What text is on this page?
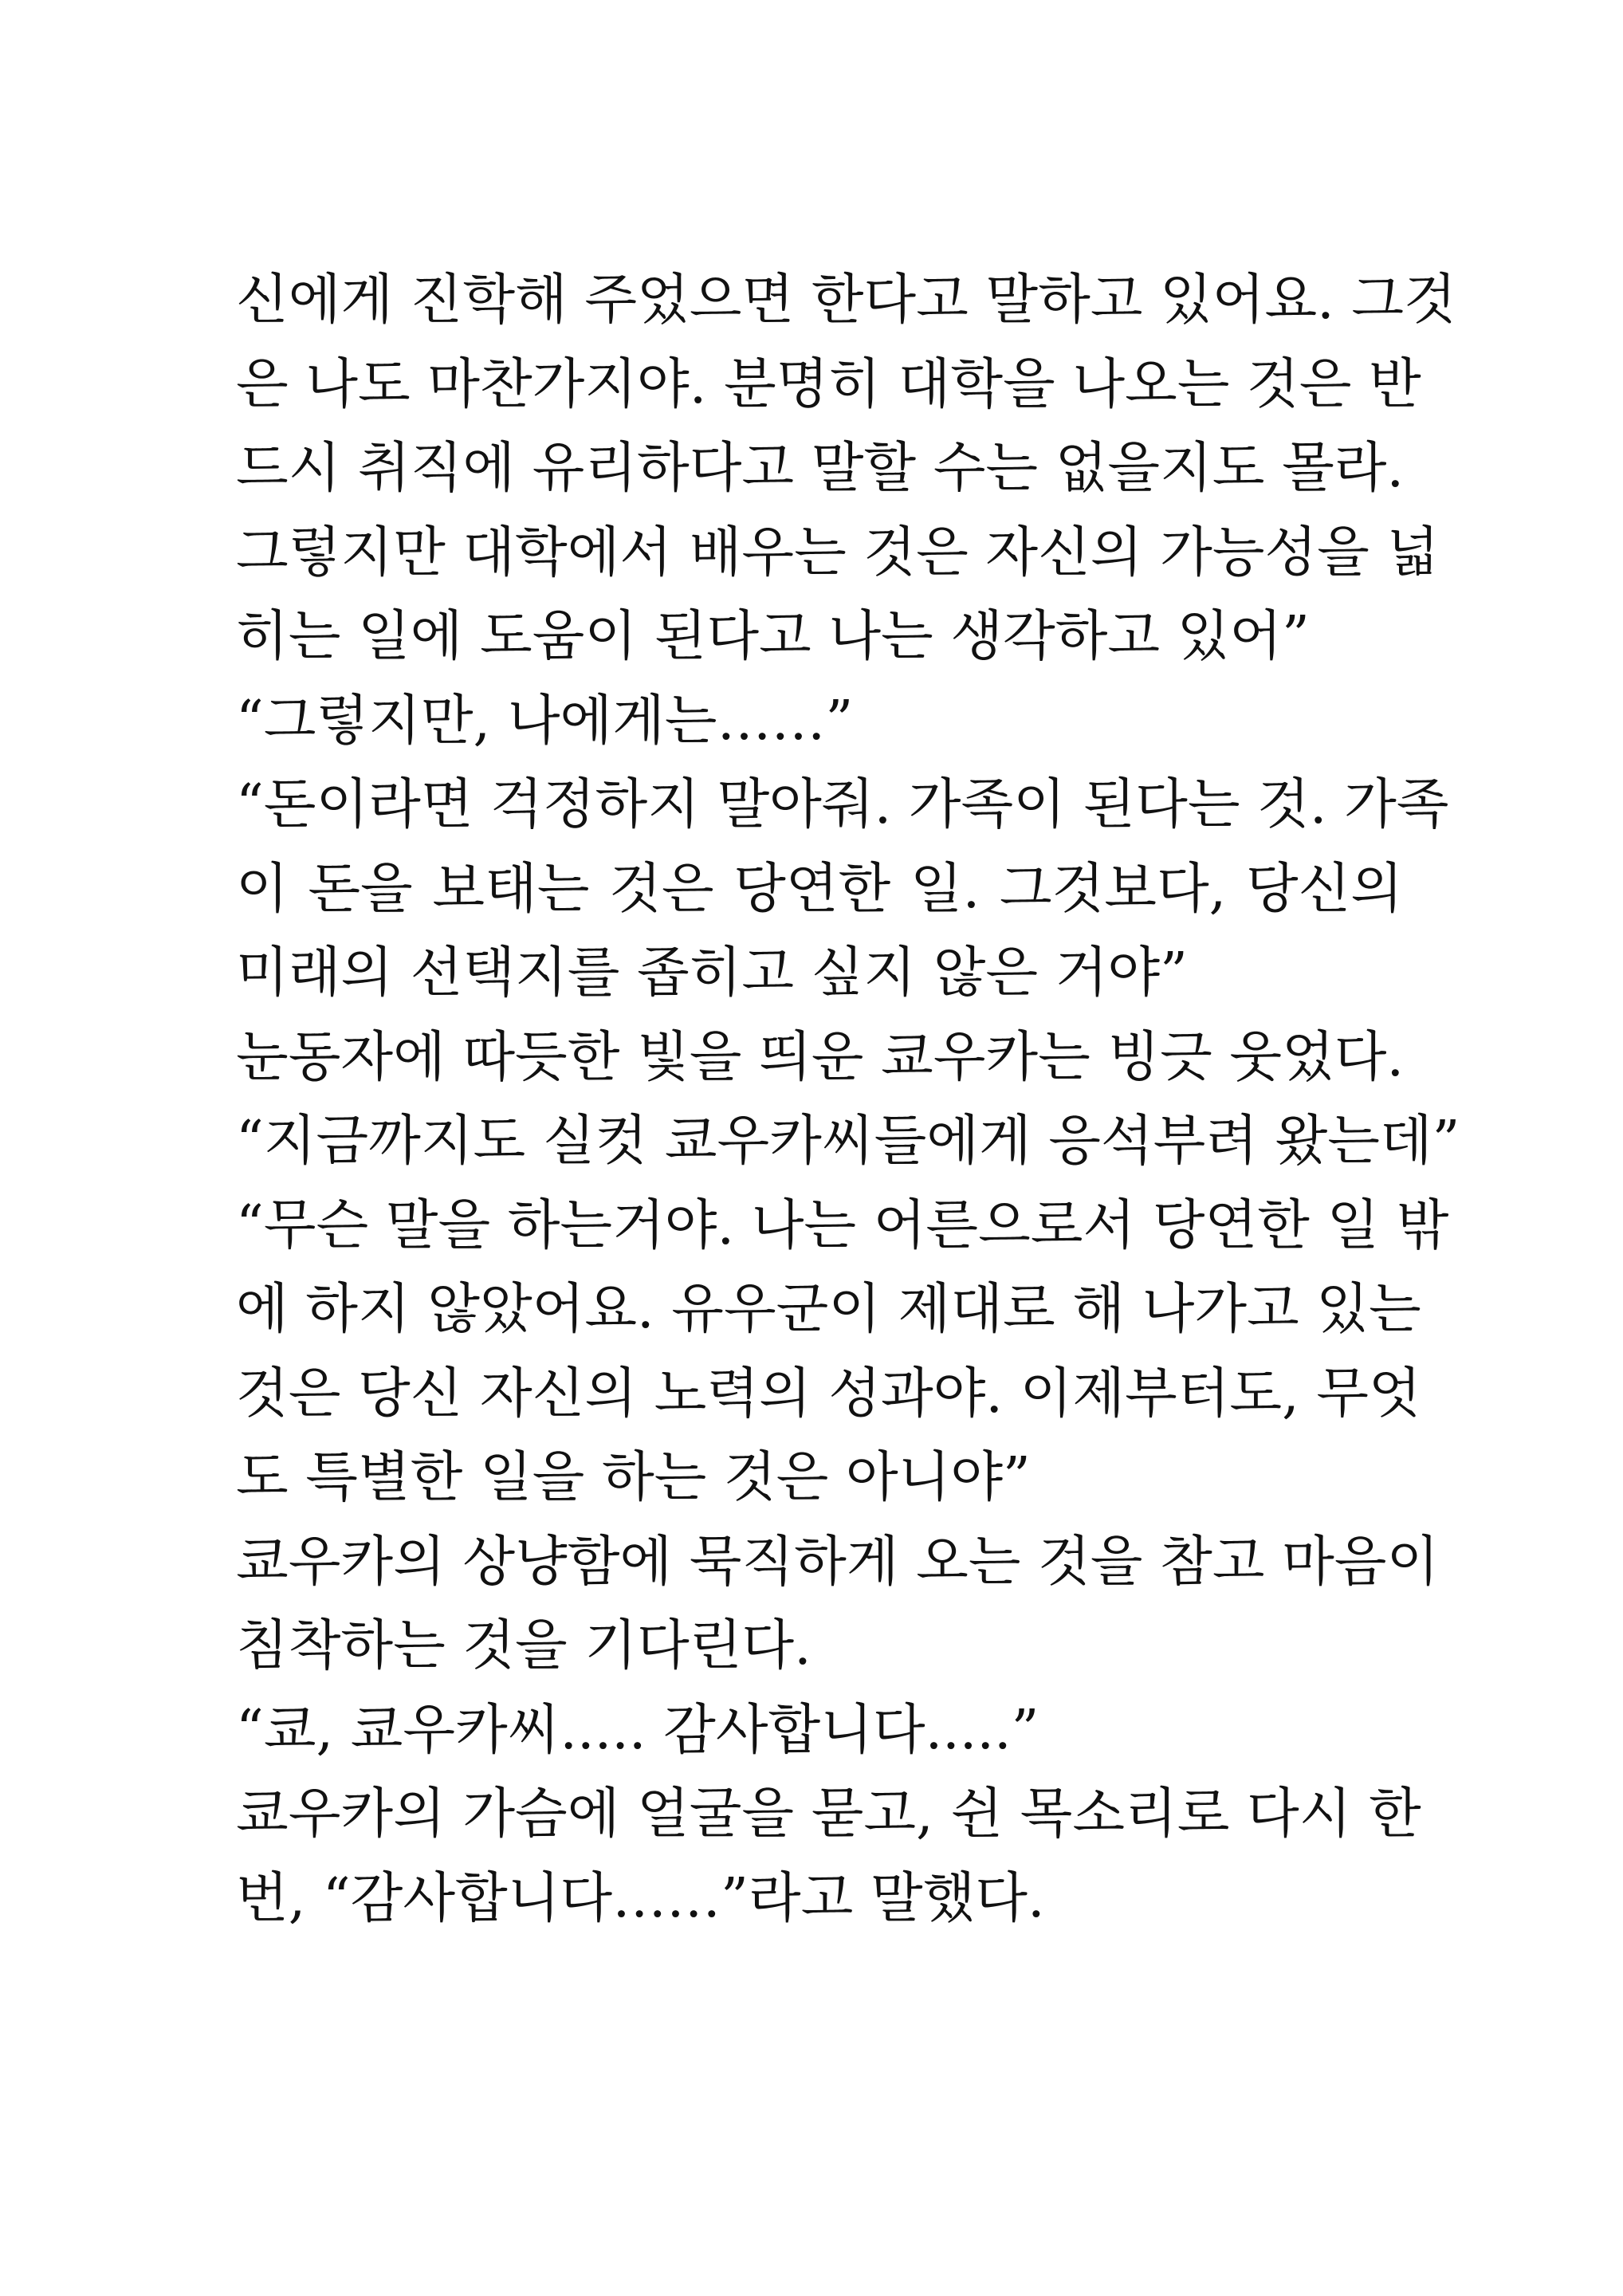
신에게 진학해 주었으면 한다고 말하고 있어요. 그것
은 나도 마찬가지야. 분명히 대학을 나오는 것은 반
드시 취직에 유리하다고 말할 수는 없을지도 몰라.
그렇지만 대학에서 배우는 것은 자신의 가능성을 넓
히는 일에 도움이 된다고 나는 생각하고 있어”
“그렇지만, 나에게는……”
“돈이라면 걱정하지 말아줘. 가족이 된다는 것. 가족
이 돈을 보태는 것은 당연한 일. 그것보다, 당신의
미래의 선택지를 좁히고 싶지 않은 거야”
눈동자에 따듯한 빛을 띄운 쿄우카는 빙긋 웃었다.
“지금까지도 실컷 쿄우카씨들에게 응석부려 왔는데”
“무슨 말을 하는거야. 나는 어른으로서 당연한 일 밖
에 하지 않았어요. 유우군이 제대로 해 나가고 있는
것은 당신 자신의 노력의 성과야. 이제부터도, 무엇
도 특별한 일을 하는 것은 아니야”
쿄우카의 상냥함에 묵직하게 오는 것을 참고 마음이
침착하는 것을 기다린다.
“쿄, 쿄우카씨..... 감사합니다.....”
쿄우카의 가슴에 얼굴을 묻고, 쉰 목소리로 다시 한
번, “감사합니다……”라고 말했다.
